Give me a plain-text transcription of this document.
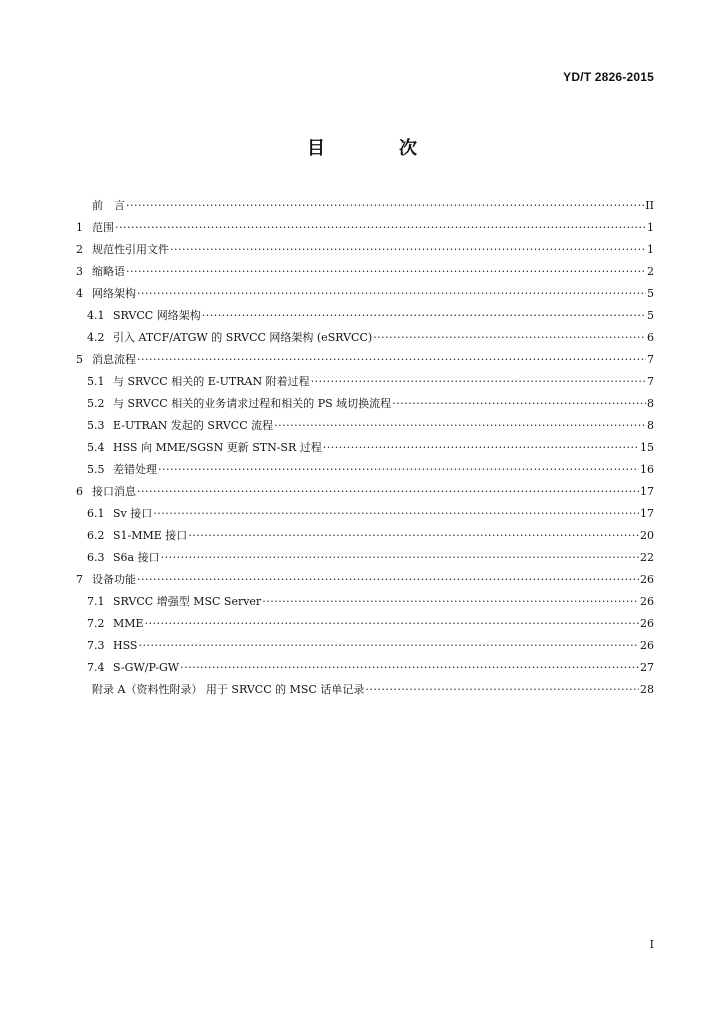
YD/T 2826-2015
目　次
前　言 ·····	II
1 范围 ·····	1
2 规范性引用文件 ·····	1
3 缩略语 ·····	2
4 网络架构 ·····	5
4.1 SRVCC 网络架构 ·····	5
4.2 引入 ATCF/ATGW 的 SRVCC 网络架构 (eSRVCC) ·····	6
5 消息流程 ·····	7
5.1 与 SRVCC 相关的 E-UTRAN 附着过程 ·····	7
5.2 与 SRVCC 相关的业务请求过程和相关的 PS 域切换流程 ·····	8
5.3 E-UTRAN 发起的 SRVCC 流程 ·····	8
5.4 HSS 向 MME/SGSN 更新 STN-SR 过程 ·····	15
5.5 差错处理 ·····	16
6 接口消息 ·····	17
6.1 Sv 接口 ·····	17
6.2 S1-MME 接口 ·····	20
6.3 S6a 接口 ·····	22
7 设备功能 ·····	26
7.1 SRVCC 增强型 MSC Server ·····	26
7.2 MME ·····	26
7.3 HSS ·····	26
7.4 S-GW/P-GW ·····	27
附录 A（资料性附录） 用于 SRVCC 的 MSC 话单记录 ·····	28
I
